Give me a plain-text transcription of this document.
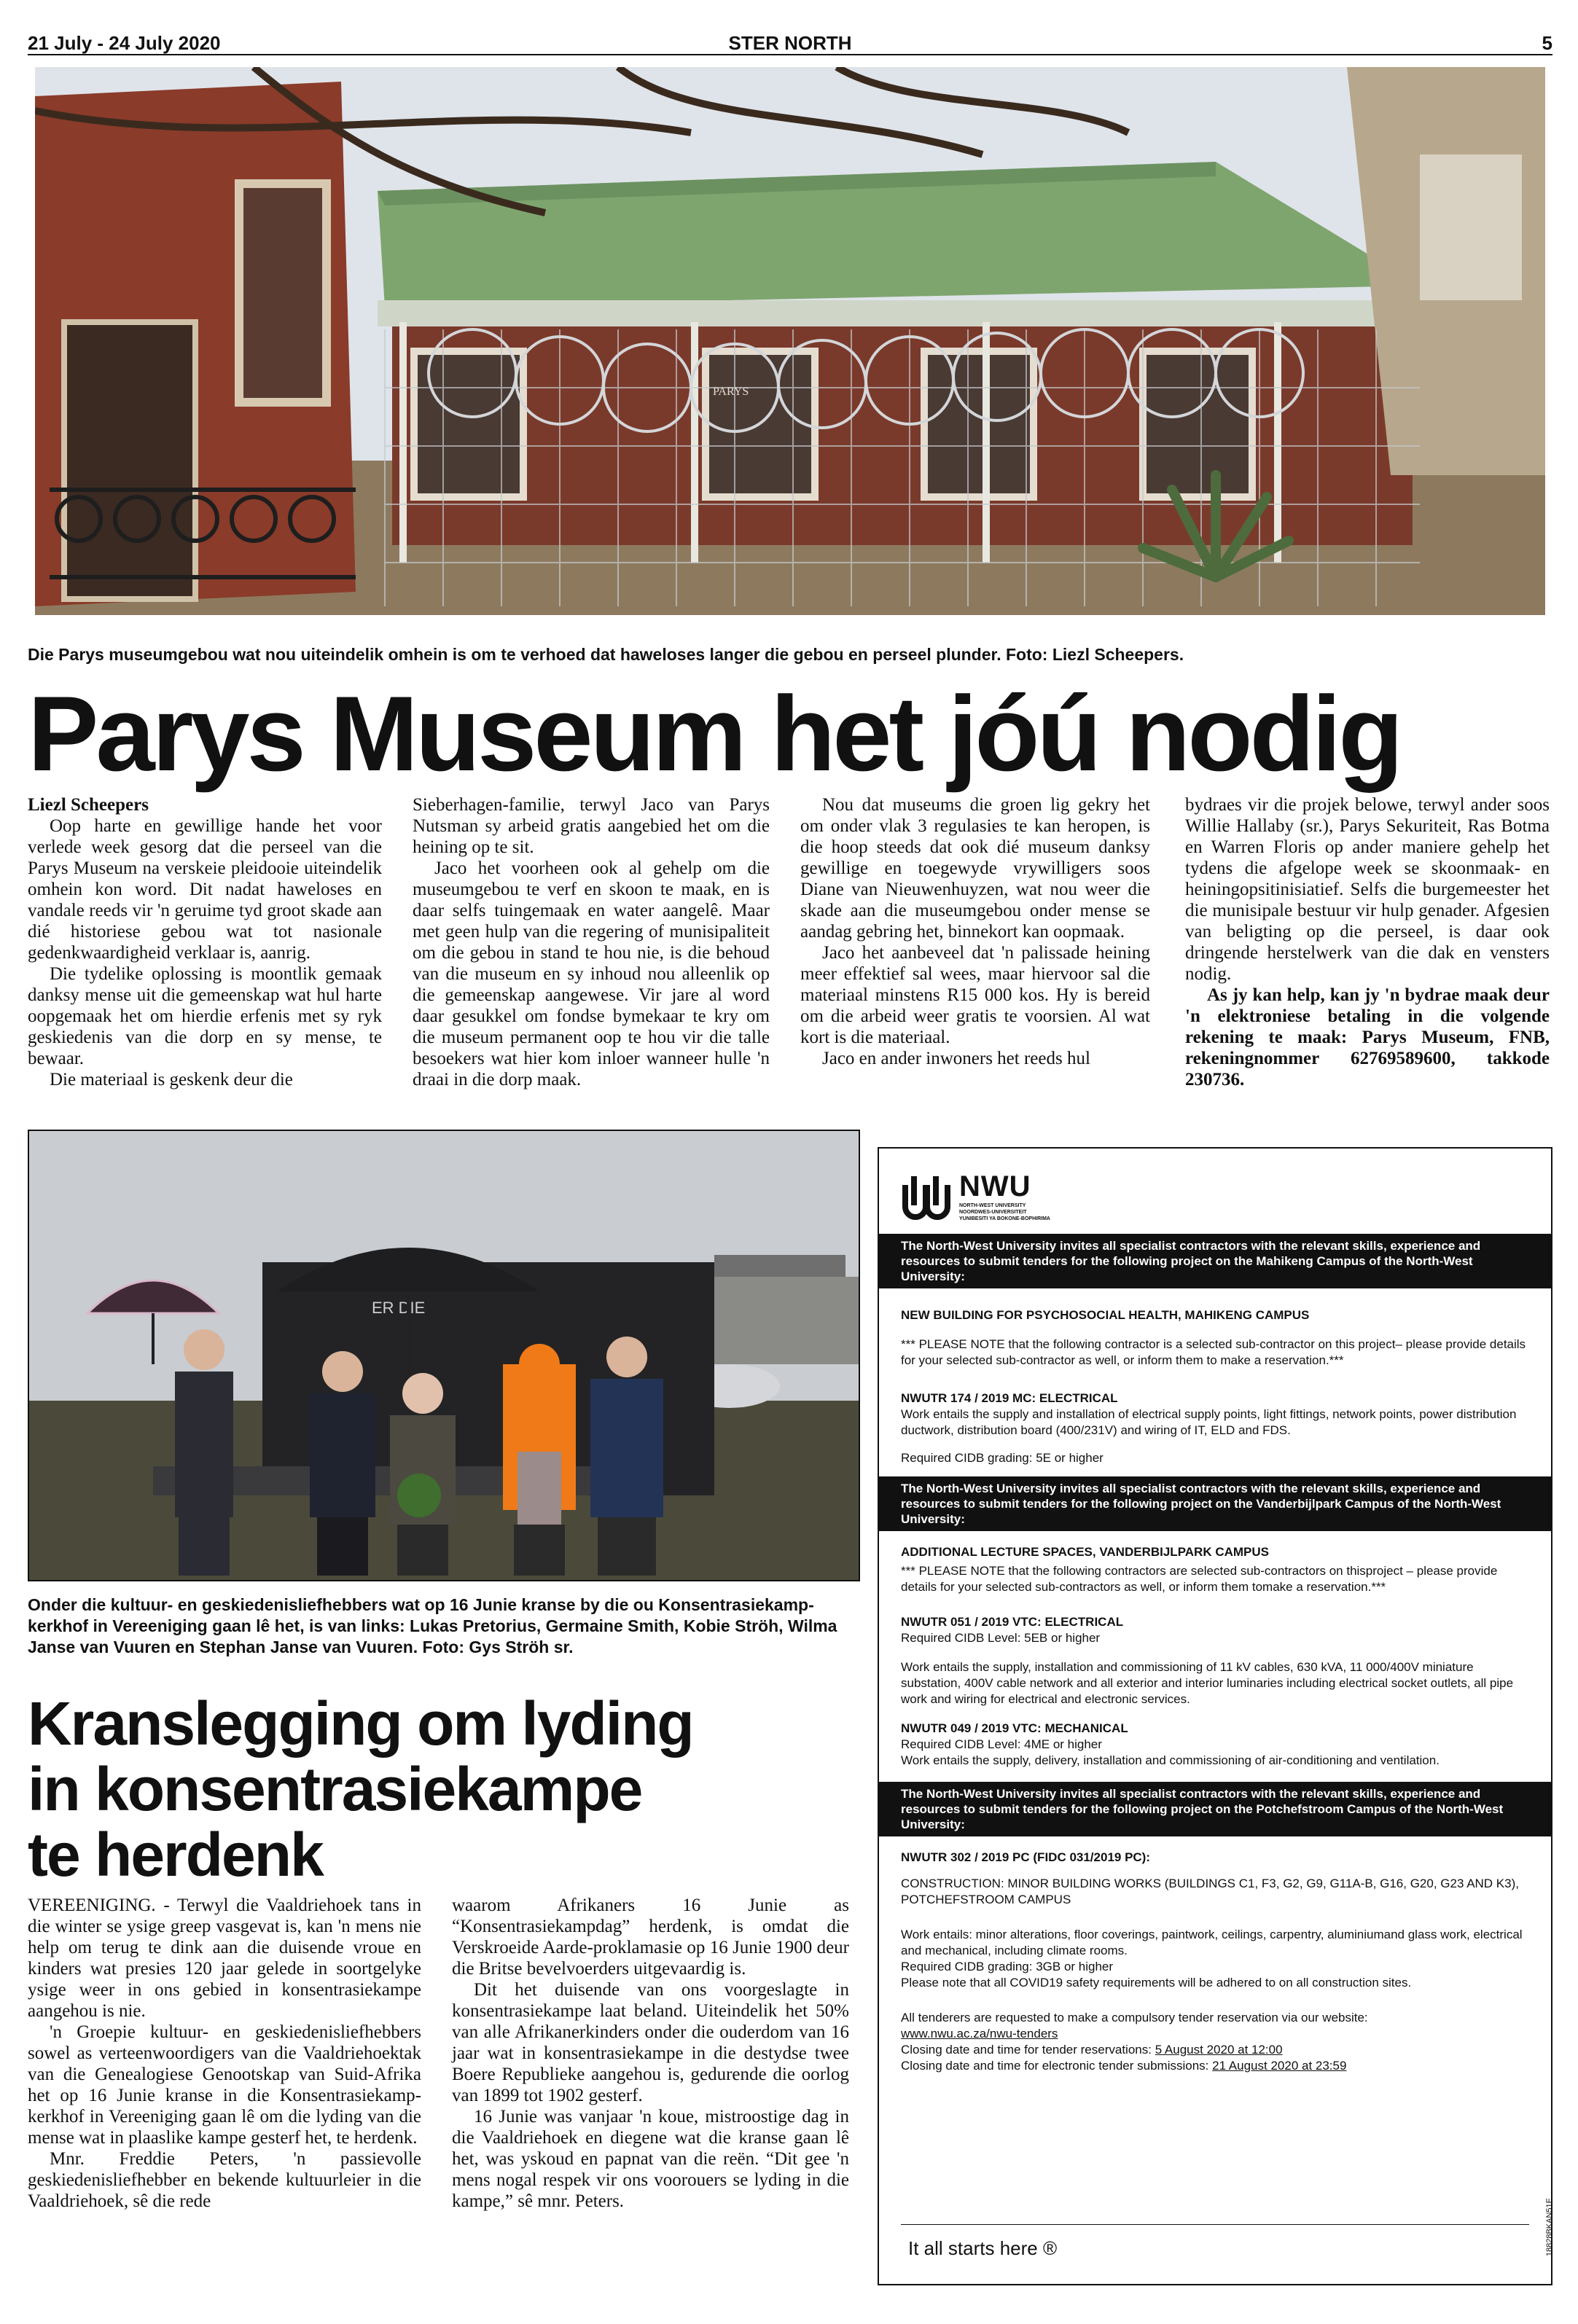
21 July - 24 July 2020	STER NORTH	5
PARYS
Die Parys museumgebou wat nou uiteindelik omhein is om te verhoed dat haweloses langer die gebou en perseel plunder. Foto: Liezl Scheepers.
Parys Museum het jóú nodig

Liezl Scheepers

Oop harte en gewillige hande het voor verlede week gesorg dat die perseel van die Parys Museum na verskeie pleidooie uiteindelik omhein kon word. Dit nadat haweloses en vandale reeds vir 'n geruime tyd groot skade aan dié historiese gebou wat tot nasionale gedenkwaardigheid verklaar is, aanrig.

Die tydelike oplossing is moontlik gemaak danksy mense uit die gemeenskap wat hul harte oopgemaak het om hierdie erfenis met sy ryk geskiedenis van die dorp en sy mense, te bewaar.

Die materiaal is geskenk deur die

Sieberhagen-familie, terwyl Jaco van Parys Nutsman sy arbeid gratis aangebied het om die heining op te sit.

Jaco het voorheen ook al gehelp om die museumgebou te verf en skoon te maak, en is daar selfs tuingemaak en water aangelê. Maar met geen hulp van die regering of munisipaliteit om die gebou in stand te hou nie, is die behoud van die museum en sy inhoud nou alleenlik op die gemeenskap aangewese. Vir jare al word daar gesukkel om fondse bymekaar te kry om die museum permanent oop te hou vir die talle besoekers wat hier kom inloer wanneer hulle 'n draai in die dorp maak.

Nou dat museums die groen lig gekry het om onder vlak 3 regulasies te kan heropen, is die hoop steeds dat ook dié museum danksy gewillige en toegewyde vrywilligers soos Diane van Nieuwenhuyzen, wat nou weer die skade aan die museumgebou onder mense se aandag gebring het, binnekort kan oopmaak.

Jaco het aanbeveel dat 'n palissade heining meer effektief sal wees, maar hiervoor sal die materiaal minstens R15 000 kos. Hy is bereid om die arbeid weer gratis te voorsien. Al wat kort is die materiaal.

Jaco en ander inwoners het reeds hul

bydraes vir die projek belowe, terwyl ander soos Willie Hallaby (sr.), Parys Sekuriteit, Ras Botma en Warren Floris op ander maniere gehelp het tydens die afgelope week se skoonmaak- en heiningopsitinisiatief. Selfs die burgemeester het die munisipale bestuur vir hulp genader. Afgesien van beligting op die perseel, is daar ook dringende herstelwerk van die dak en vensters nodig.

As jy kan help, kan jy 'n bydrae maak deur 'n elektroniese betaling in die volgende rekening te maak: Parys Museum, FNB, rekeningnommer 62769589600, takkode 230736.

ER DIE
Onder die kultuur- en geskiedenisliefhebbers wat op 16 Junie kranse by die ou Konsentrasiekamp-kerkhof in Vereeniging gaan lê het, is van links: Lukas Pretorius, Germaine Smith, Kobie Ströh, Wilma Janse van Vuuren en Stephan Janse van Vuuren. Foto: Gys Ströh sr.
Kranslegging om lyding
in konsentrasiekampe
te herdenk

VEREENIGING. - Terwyl die Vaaldriehoek tans in die winter se ysige greep vasgevat is, kan 'n mens nie help om terug te dink aan die duisende vroue en kinders wat presies 120 jaar gelede in soortgelyke ysige weer in ons gebied in konsentrasiekampe aangehou is nie.

'n Groepie kultuur- en geskiedenisliefhebbers sowel as verteenwoordigers van die Vaaldriehoektak van die Genealogiese Genootskap van Suid-Afrika het op 16 Junie kranse in die Konsentrasiekamp-kerkhof in Vereeniging gaan lê om die lyding van die mense wat in plaaslike kampe gesterf het, te herdenk.

Mnr. Freddie Peters, 'n passievolle geskiedenisliefhebber en bekende kultuurleier in die Vaaldriehoek, sê die rede

waarom Afrikaners 16 Junie as “Konsentrasiekampdag” herdenk, is omdat die Verskroeide Aarde-proklamasie op 16 Junie 1900 deur die Britse bevelvoerders uitgevaardig is.

Dit het duisende van ons voorgeslagte in konsentrasiekampe laat beland. Uiteindelik het 50% van alle Afrikanerkinders onder die ouderdom van 16 jaar wat in konsentrasiekampe in die destydse twee Boere Republieke aangehou is, gedurende die oorlog van 1899 tot 1902 gesterf.

16 Junie was vanjaar 'n koue, mistroostige dag in die Vaaldriehoek en diegene wat die kranse gaan lê het, was yskoud en papnat van die reën. “Dit gee 'n mens nogal respek vir ons voorouers se lyding in die kampe,” sê mnr. Peters.

NWU
NORTH-WEST UNIVERSITY
NOORDWES-UNIVERSITEIT
YUNIBESITI YA BOKONE-BOPHIRIMA
The North-West University invites all specialist contractors with the relevant skills, experience and resources to submit tenders for the following project on the Mahikeng Campus of the North-West University:
NEW BUILDING FOR PSYCHOSOCIAL HEALTH, MAHIKENG CAMPUS
*** PLEASE NOTE that the following contractor is a selected sub-contractor on this project– please provide details for your selected sub-contractor as well, or inform them to make a reservation.***
NWUTR 174 / 2019 MC: ELECTRICAL
Work entails the supply and installation of electrical supply points, light fittings, network points, power distribution ductwork, distribution board (400/231V) and wiring of IT, ELD and FDS.
Required CIDB grading: 5E or higher
The North-West University invites all specialist contractors with the relevant skills, experience and resources to submit tenders for the following project on the Vanderbijlpark Campus of the North-West University:
ADDITIONAL LECTURE SPACES, VANDERBIJLPARK CAMPUS
*** PLEASE NOTE that the following contractors are selected sub-contractors on thisproject – please provide details for your selected sub-contractors as well, or inform them tomake a reservation.***
NWUTR 051 / 2019 VTC: ELECTRICAL
Required CIDB Level: 5EB or higher
Work entails the supply, installation and commissioning of 11 kV cables, 630 kVA, 11 000/400V miniature substation, 400V cable network and all exterior and interior luminaries including electrical socket outlets, all pipe work and wiring for electrical and electronic services.
NWUTR 049 / 2019 VTC: MECHANICAL
Required CIDB Level: 4ME or higher
Work entails the supply, delivery, installation and commissioning of air-conditioning and ventilation.
The North-West University invites all specialist contractors with the relevant skills, experience and resources to submit tenders for the following project on the Potchefstroom Campus of the North-West University:
NWUTR 302 / 2019 PC (FIDC 031/2019 PC):
CONSTRUCTION: MINOR BUILDING WORKS (BUILDINGS C1, F3, G2, G9, G11A-B, G16, G20, G23 AND K3), POTCHEFSTROOM CAMPUS
Work entails: minor alterations, floor coverings, paintwork, ceilings, carpentry, aluminiumand glass work, electrical and mechanical, including climate rooms.
Required CIDB grading: 3GB or higher
Please note that all COVID19 safety requirements will be adhered to on all construction sites.
All tenderers are requested to make a compulsory tender reservation via our website:
www.nwu.ac.za/nwu-tenders
Closing date and time for tender reservations: 5 August 2020 at 12:00
Closing date and time for electronic tender submissions: 21 August 2020 at 23:59
It all starts here ®	18828BKAN51E
